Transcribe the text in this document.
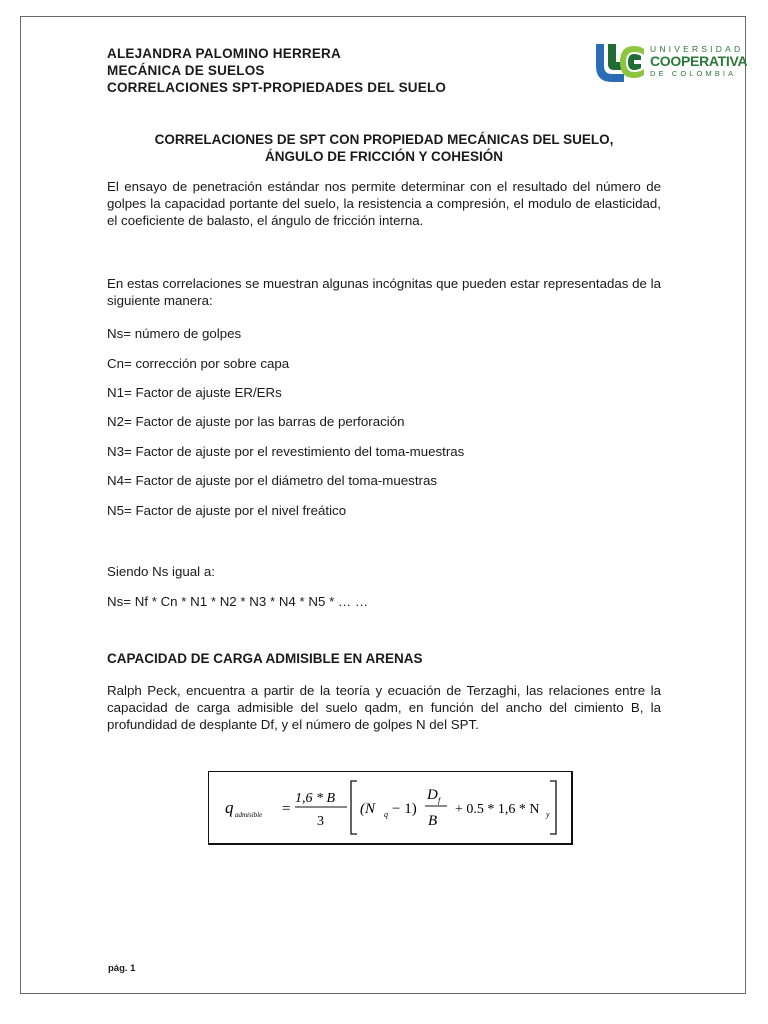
ALEJANDRA PALOMINO HERRERA
MECÁNICA DE SUELOS
CORRELACIONES SPT-PROPIEDADES DEL SUELO
UNIVERSIDAD
COOPERATIVA
DE COLOMBIA
CORRELACIONES DE SPT CON PROPIEDAD MECÁNICAS DEL SUELO,
ÁNGULO DE FRICCIÓN Y COHESIÓN
El ensayo de penetración estándar nos permite determinar con el resultado del número de golpes la capacidad portante del suelo, la resistencia a compresión, el modulo de elasticidad, el coeficiente de balasto, el ángulo de fricción interna.
En estas correlaciones se muestran algunas incógnitas que pueden estar representadas de la siguiente manera:
Ns= número de golpes
Cn= corrección por sobre capa
N1= Factor de ajuste ER/ERs
N2= Factor de ajuste por las barras de perforación
N3= Factor de ajuste por el revestimiento del toma-muestras
N4= Factor de ajuste por el diámetro del toma-muestras
N5= Factor de ajuste por el nivel freático
Siendo Ns igual a:
Ns= Nf * Cn * N1 * N2 * N3 * N4 * N5 * … …
CAPACIDAD DE CARGA ADMISIBLE EN ARENAS
Ralph Peck, encuentra a partir de la teoría y ecuación de Terzaghi, las relaciones entre la capacidad de carga admisible del suelo qadm, en función del ancho del cimiento B, la profundidad de desplante Df, y el número de golpes N del SPT.
q admisible =
1,6 * B
3
(N q − 1)
D f
B
+ 0.5 * 1,6 * N y
pág. 1
